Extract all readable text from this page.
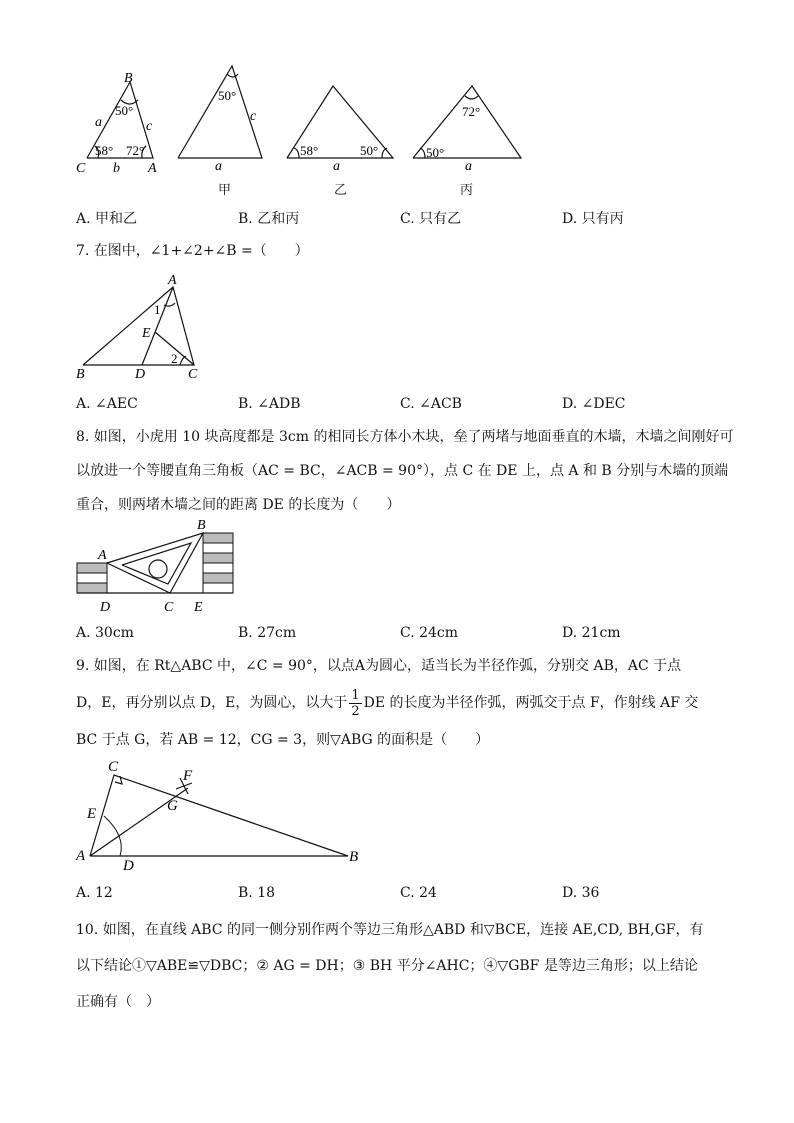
B
C	A
a
b
c
50°
58° 72°
50°
c
a
58°	50°
a
72°
50°
a
甲	乙	丙
A. 甲和乙	B. 乙和丙	C. 只有乙	D. 只有丙
7. 在图中，∠1+∠2+∠B =（　　）
A
B	C
D
E
1
2
A. ∠AEC	B. ∠ADB	C. ∠ACB	D. ∠DEC
8. 如图，小虎用 10 块高度都是 3cm 的相同长方体小木块，垒了两堵与地面垂直的木墙，木墙之间刚好可
以放进一个等腰直角三角板（AC = BC，∠ACB = 90°），点 C 在 DE 上，点 A 和 B 分别与木墙的顶端
重合，则两堵木墙之间的距离 DE 的长度为（　　）
A
B
C
D	E
A. 30cm	B. 27cm	C. 24cm	D. 21cm
9. 如图，在 Rt△ABC 中，∠C = 90°，以点A为圆心，适当长为半径作弧，分别交 AB，AC 于点
D，E，再分别以点 D，E，为圆心，以大于 $\frac{1}{2}$ DE 的长度为半径作弧，两弧交于点 F，作射线 AF 交
BC 于点 G，若 AB = 12，CG = 3，则▽ABG 的面积是（　　）
C
A	B
D
E
F
G
A. 12	B. 18	C. 24	D. 36
10. 如图，在直线 ABC 的同一侧分别作两个等边三角形△ABD 和▽BCE，连接 AE,CD, BH,GF，有
以下结论①▽ABE≌▽DBC；② AG = DH；③ BH 平分∠AHC；④▽GBF 是等边三角形；以上结论
正确有（　）
